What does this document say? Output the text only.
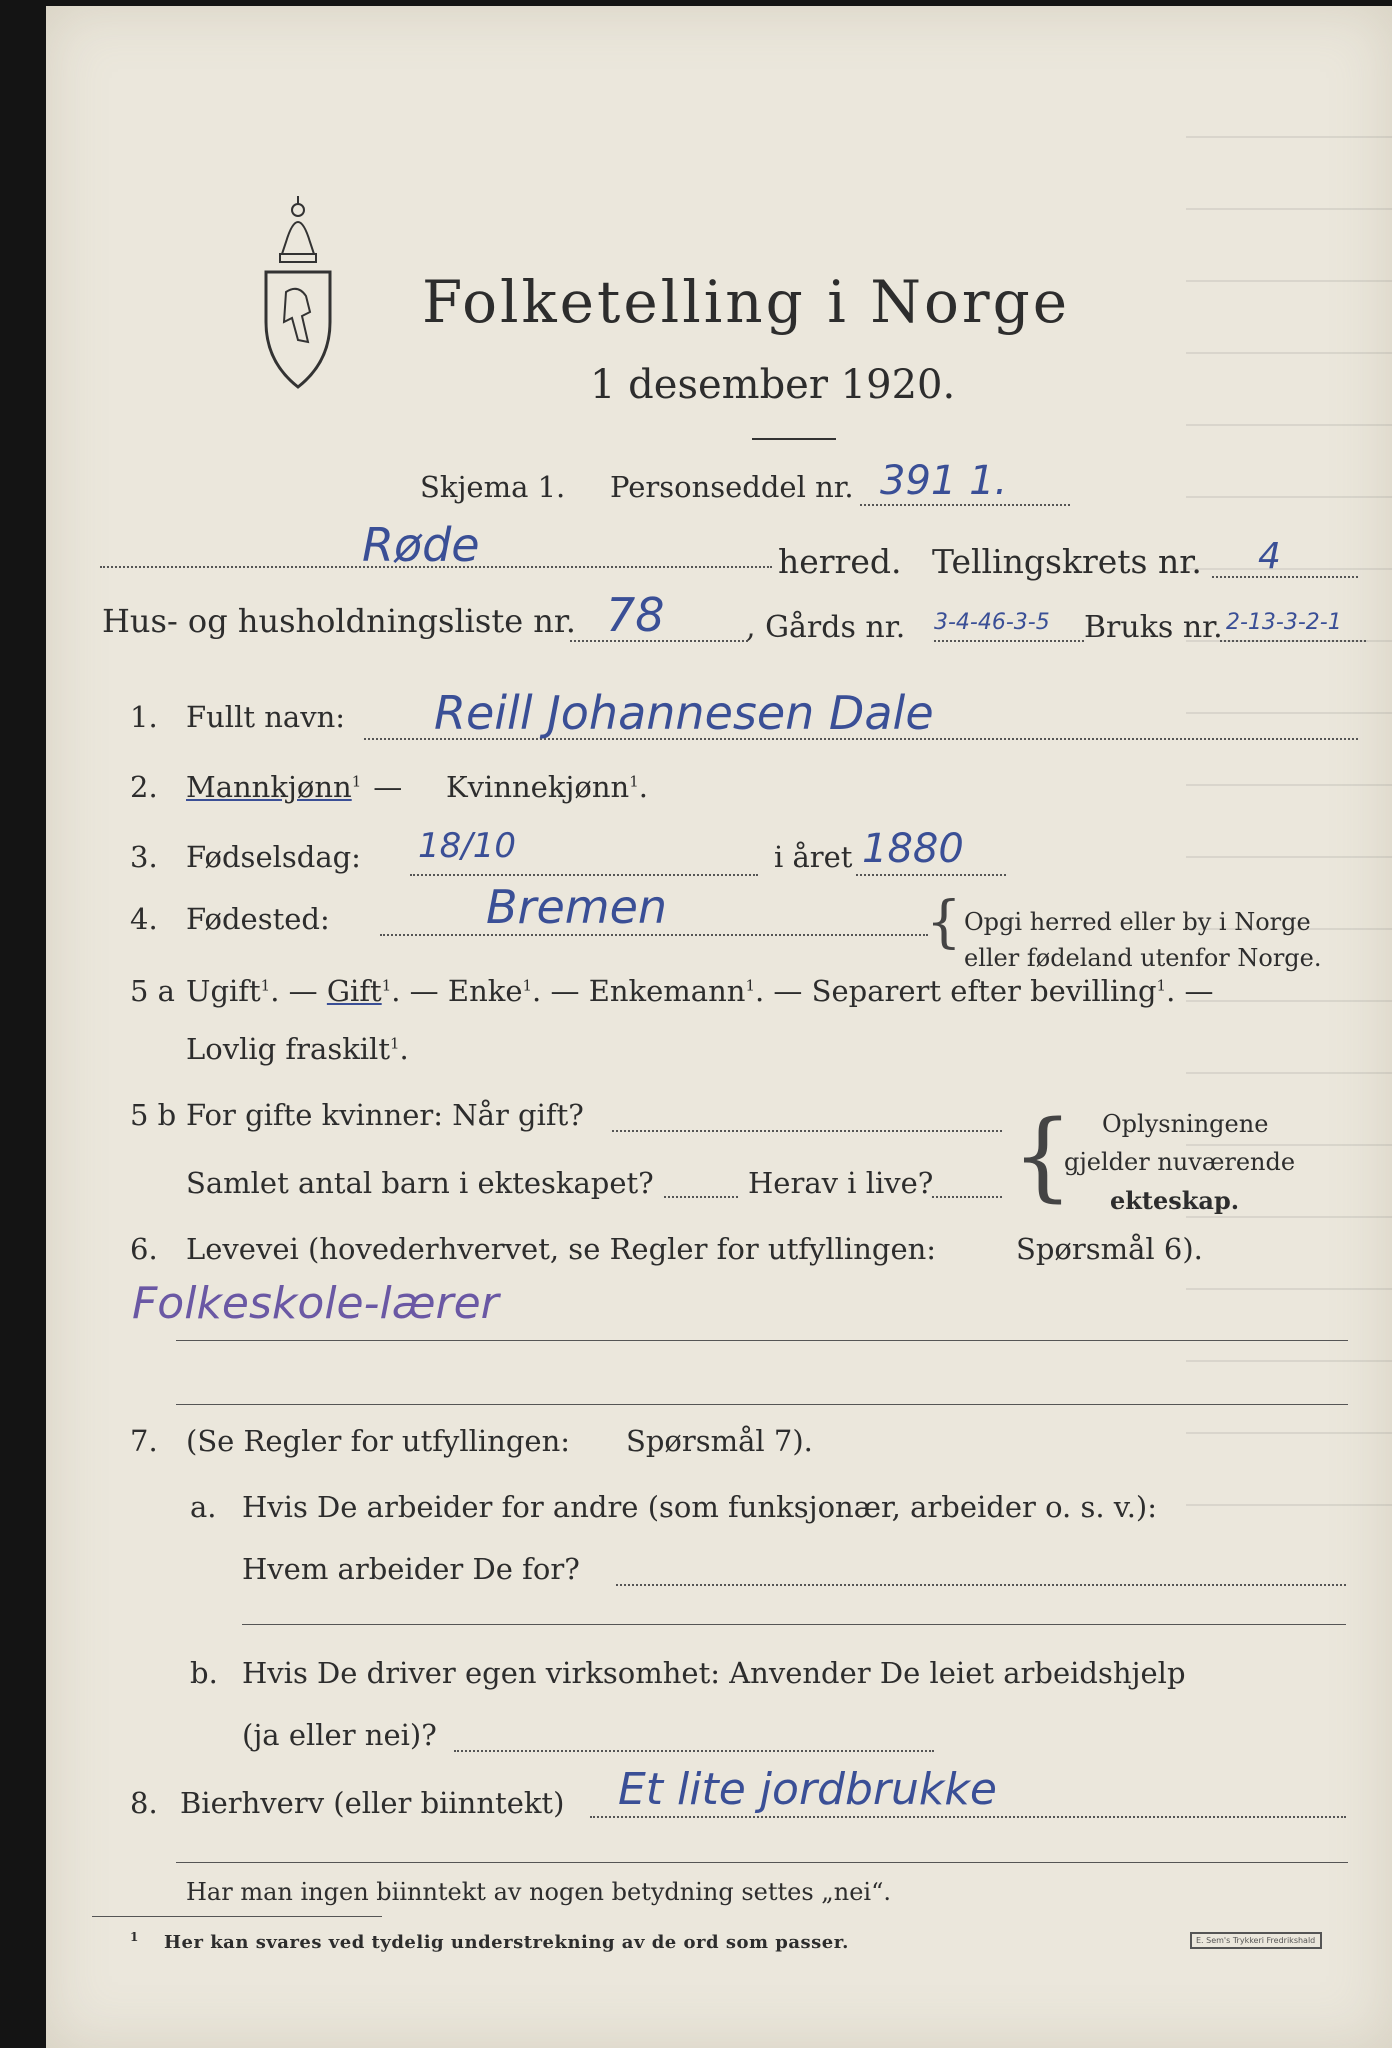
Folketelling i Norge
1 desember 1920.
Skjema 1. Personseddel nr. 391 1.
Røde	herred. Tellingskrets nr. 4
Hus- og husholdningsliste nr. 78	, Gårds nr. 3-4-46-3-5 Bruks nr. 2-13-3-2-1
1. Fullt navn: Reill Johannesen Dale
2. Mannkjønn$^1$ — Kvinnekjønn$^1$.
3. Fødselsdag: 18/10	i året 1880
4. Fødested:	Bremen	{ Opgi herred eller by i Norge
eller fødeland utenfor Norge.
5 a Ugift$^1$. — Gift$^1$. — Enke$^1$. — Enkemann$^1$. — Separert efter bevilling$^1$. —
Lovlig fraskilt$^1$.
5 b For gifte kvinner: Når gift?
Samlet antal barn i ekteskapet?	Herav i live? { Oplysningene
gjelder nuværende
ekteskap.
6. Levevei (hovederhvervet, se Regler for utfyllingen:	Spørsmål 6).
Folkeskole-lærer
7. (Se Regler for utfyllingen: Spørsmål 7).
a. Hvis De arbeider for andre (som funksjonær, arbeider o. s. v.):
Hvem arbeider De for?
b. Hvis De driver egen virksomhet: Anvender De leiet arbeidshjelp
(ja eller nei)?
8. Bierhverv (eller biinntekt) Et lite jordbrukke
Har man ingen biinntekt av nogen betydning settes „nei“.
1 Her kan svares ved tydelig understrekning av de ord som passer.	E. Sem's Trykkeri Fredrikshald
